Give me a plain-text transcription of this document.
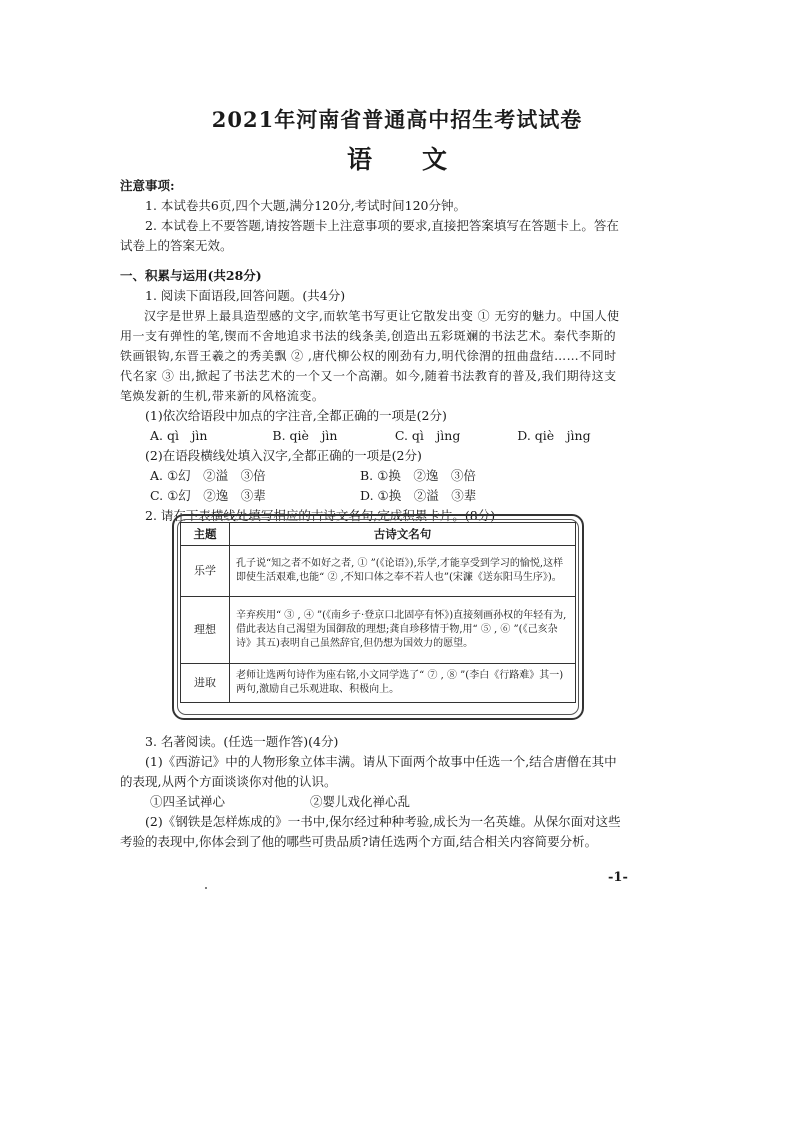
2021年河南省普通高中招生考试试卷
语　　文

注意事项:

1. 本试卷共6页,四个大题,满分120分,考试时间120分钟。

2. 本试卷上不要答题,请按答题卡上注意事项的要求,直接把答案填写在答题卡上。答在试卷上的答案无效。

一、积累与运用(共28分)

1. 阅读下面语段,回答问题。(共4分)

汉字是世界上最具造型感的文字,而软笔书写更让它散发出变 ① 无穷的魅力。中国人使用一支有弹性的笔,锲而不舍地追求书法的线条美,创造出五彩斑斓的书法艺术。秦代李斯的铁画银钩,东晋王羲之的秀美飘 ② ,唐代柳公权的刚劲有力,明代徐渭的扭曲盘结……不同时代名家 ③ 出,掀起了书法艺术的一个又一个高潮。如今,随着书法教育的普及,我们期待这支笔焕发新的生机,带来新的风格流变。

(1)依次给语段中加点的字注音,全都正确的一项是(2分)

A. qì　jìn	B. qiè　jìn	C. qì　jìng	D. qiè　jìng

(2)在语段横线处填入汉字,全都正确的一项是(2分)

A. ①幻　②溢　③倍	B. ①换　②逸　③倍
C. ①幻　②逸　③辈	D. ①换　②溢　③辈

2. 请在下表横线处填写相应的古诗文名句,完成积累卡片。(8分)

主题	古诗文名句
乐学	孔子说“知之者不如好之者, ① ”(《论语》),乐学,才能享受到学习的愉悦,这样即使生活艰难,也能“ ② ,不知口体之奉不若人也”(宋濂《送东阳马生序》)。
理想	辛弃疾用“ ③ , ④ ”(《南乡子·登京口北固亭有怀》)直接刻画孙权的年轻有为,借此表达自己渴望为国御敌的理想;龚自珍移情于物,用“ ⑤ , ⑥ ”(《己亥杂诗》其五)表明自己虽然辞官,但仍想为国效力的愿望。
进取	老师让选两句诗作为座右铭,小文同学选了“ ⑦ , ⑧ ”(李白《行路难》其一)两句,激励自己乐观进取、积极向上。

3. 名著阅读。(任选一题作答)(4分)

(1)《西游记》中的人物形象立体丰满。请从下面两个故事中任选一个,结合唐僧在其中的表现,从两个方面谈谈你对他的认识。

①四圣试禅心	②婴儿戏化禅心乱

(2)《钢铁是怎样炼成的》一书中,保尔经过种种考验,成长为一名英雄。从保尔面对这些考验的表现中,你体会到了他的哪些可贵品质?请任选两个方面,结合相关内容简要分析。

-1-
